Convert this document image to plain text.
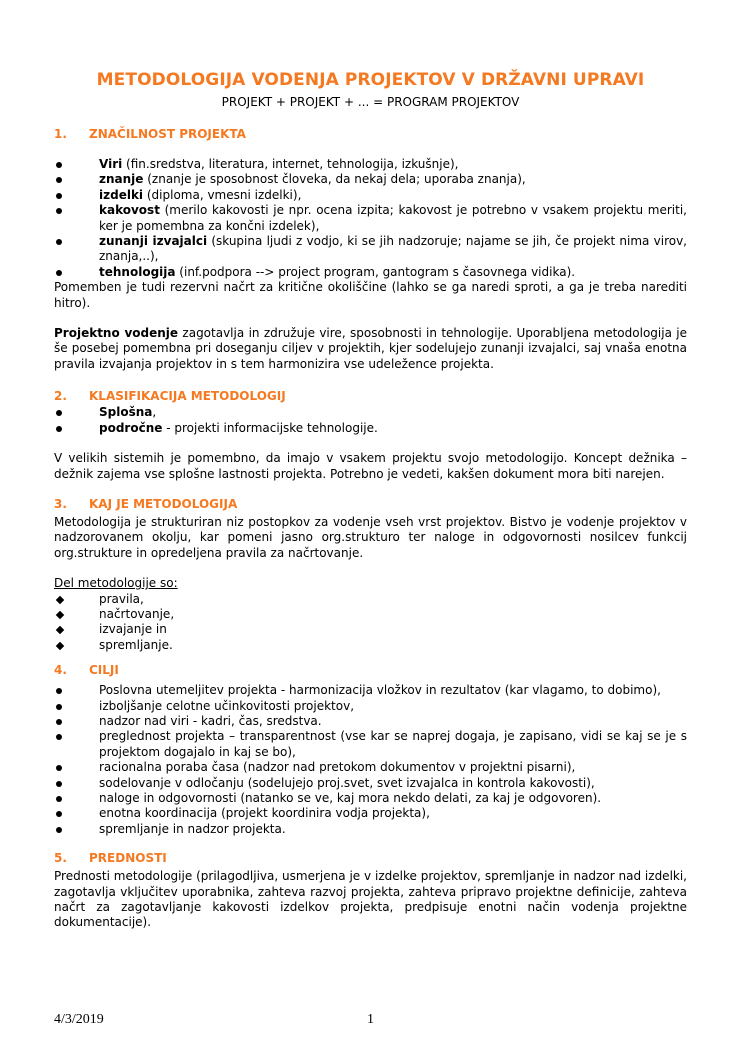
METODOLOGIJA VODENJA PROJEKTOV V DRŽAVNI UPRAVI
PROJEKT + PROJEKT + ... = PROGRAM PROJEKTOV
1.	ZNAČILNOST PROJEKTA
Viri (fin.sredstva, literatura, internet, tehnologija, izkušnje),
znanje (znanje je sposobnost človeka, da nekaj dela; uporaba znanja),
izdelki (diploma, vmesni izdelki),
kakovost (merilo kakovosti je npr. ocena izpita; kakovost je potrebno v vsakem projektu meriti, ker je pomembna za končni izdelek),
zunanji izvajalci (skupina ljudi z vodjo, ki se jih nadzoruje; najame se jih, če projekt nima virov, znanja,..),
tehnologija (inf.podpora --> project program, gantogram s časovnega vidika).

Pomemben je tudi rezervni načrt za kritične okoliščine (lahko se ga naredi sproti, a ga je treba narediti hitro).

Projektno vodenje zagotavlja in združuje vire, sposobnosti in tehnologije. Uporabljena metodologija je še posebej pomembna pri doseganju ciljev v projektih, kjer sodelujejo zunanji izvajalci, saj vnaša enotna pravila izvajanja projektov in s tem harmonizira vse udeležence projekta.

2.	KLASIFIKACIJA METODOLOGIJ
Splošna,
področne - projekti informacijske tehnologije.

V velikih sistemih je pomembno, da imajo v vsakem projektu svojo metodologijo. Koncept dežnika – dežnik zajema vse splošne lastnosti projekta. Potrebno je vedeti, kakšen dokument mora biti narejen.

3.	KAJ JE METODOLOGIJA

Metodologija je strukturiran niz postopkov za vodenje vseh vrst projektov. Bistvo je vodenje projektov v nadzorovanem okolju, kar pomeni jasno org.strukturo ter naloge in odgovornosti nosilcev funkcij org.strukture in opredeljena pravila za načrtovanje.

Del metodologije so:

pravila,
načrtovanje,
izvajanje in
spremljanje.
4.	CILJI
Poslovna utemeljitev projekta - harmonizacija vložkov in rezultatov (kar vlagamo, to dobimo),
izboljšanje celotne učinkovitosti projektov,
nadzor nad viri - kadri, čas, sredstva.
preglednost projekta – transparentnost (vse kar se naprej dogaja, je zapisano, vidi se kaj se je s projektom dogajalo in kaj se bo),
racionalna poraba časa (nadzor nad pretokom dokumentov v projektni pisarni),
sodelovanje v odločanju (sodelujejo proj.svet, svet izvajalca in kontrola kakovosti),
naloge in odgovornosti (natanko se ve, kaj mora nekdo delati, za kaj je odgovoren).
enotna koordinacija (projekt koordinira vodja projekta),
spremljanje in nadzor projekta.
5.	PREDNOSTI

Prednosti metodologije (prilagodljiva, usmerjena je v izdelke projektov, spremljanje in nadzor nad izdelki, zagotavlja vključitev uporabnika, zahteva razvoj projekta, zahteva pripravo projektne definicije, zahteva načrt za zagotavljanje kakovosti izdelkov projekta, predpisuje enotni način vodenja projektne dokumentacije).

4/3/2019	1
